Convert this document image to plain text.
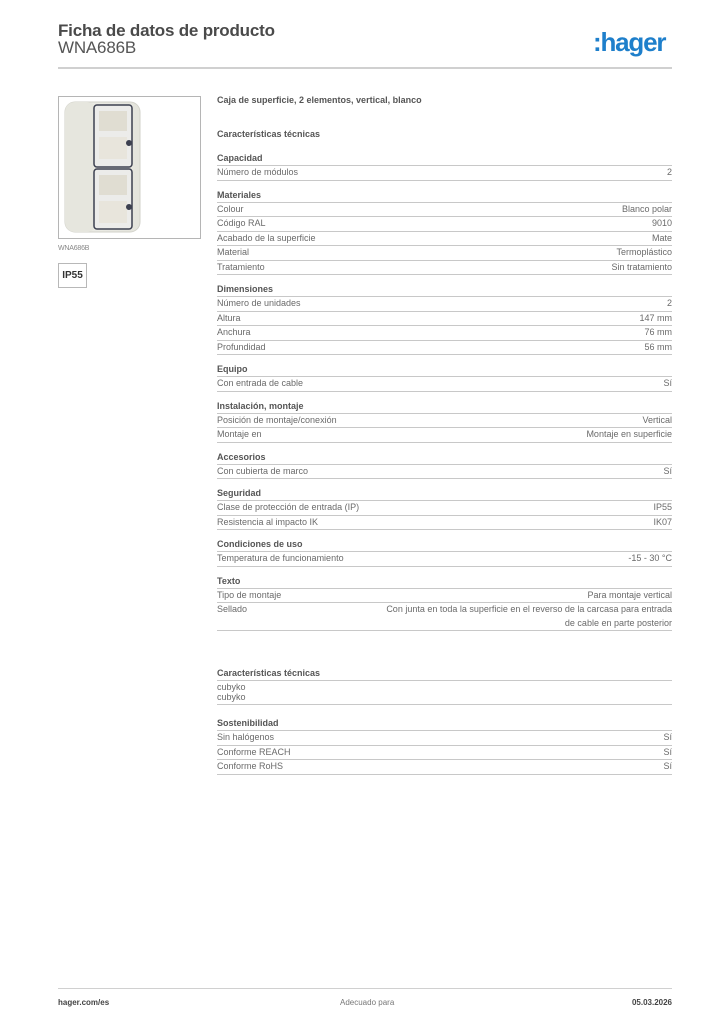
Ficha de datos de producto
WNA686B	:hager
WNA686B
IP55
Caja de superficie, 2 elementos, vertical, blanco
Características técnicas
Capacidad
Número de módulos	2
Materiales
Colour	Blanco polar
Código RAL	9010
Acabado de la superficie	Mate
Material	Termoplástico
Tratamiento	Sin tratamiento
Dimensiones
Número de unidades	2
Altura	147 mm
Anchura	76 mm
Profundidad	56 mm
Equipo
Con entrada de cable	Sí
Instalación, montaje
Posición de montaje/conexión	Vertical
Montaje en	Montaje en superficie
Accesorios
Con cubierta de marco	Sí
Seguridad
Clase de protección de entrada (IP)	IP55
Resistencia al impacto IK	IK07
Condiciones de uso
Temperatura de funcionamiento	-15 - 30 °C
Texto
Tipo de montaje	Para montaje vertical
Sellado	Con junta en toda la superficie en el reverso de la carcasa para entrada de cable en parte posterior
Características técnicas
cubyko
cubyko
Sostenibilidad
Sin halógenos	Sí
Conforme REACH	Sí
Conforme RoHS	Sí
hager.com/es	Adecuado para	05.03.2026
